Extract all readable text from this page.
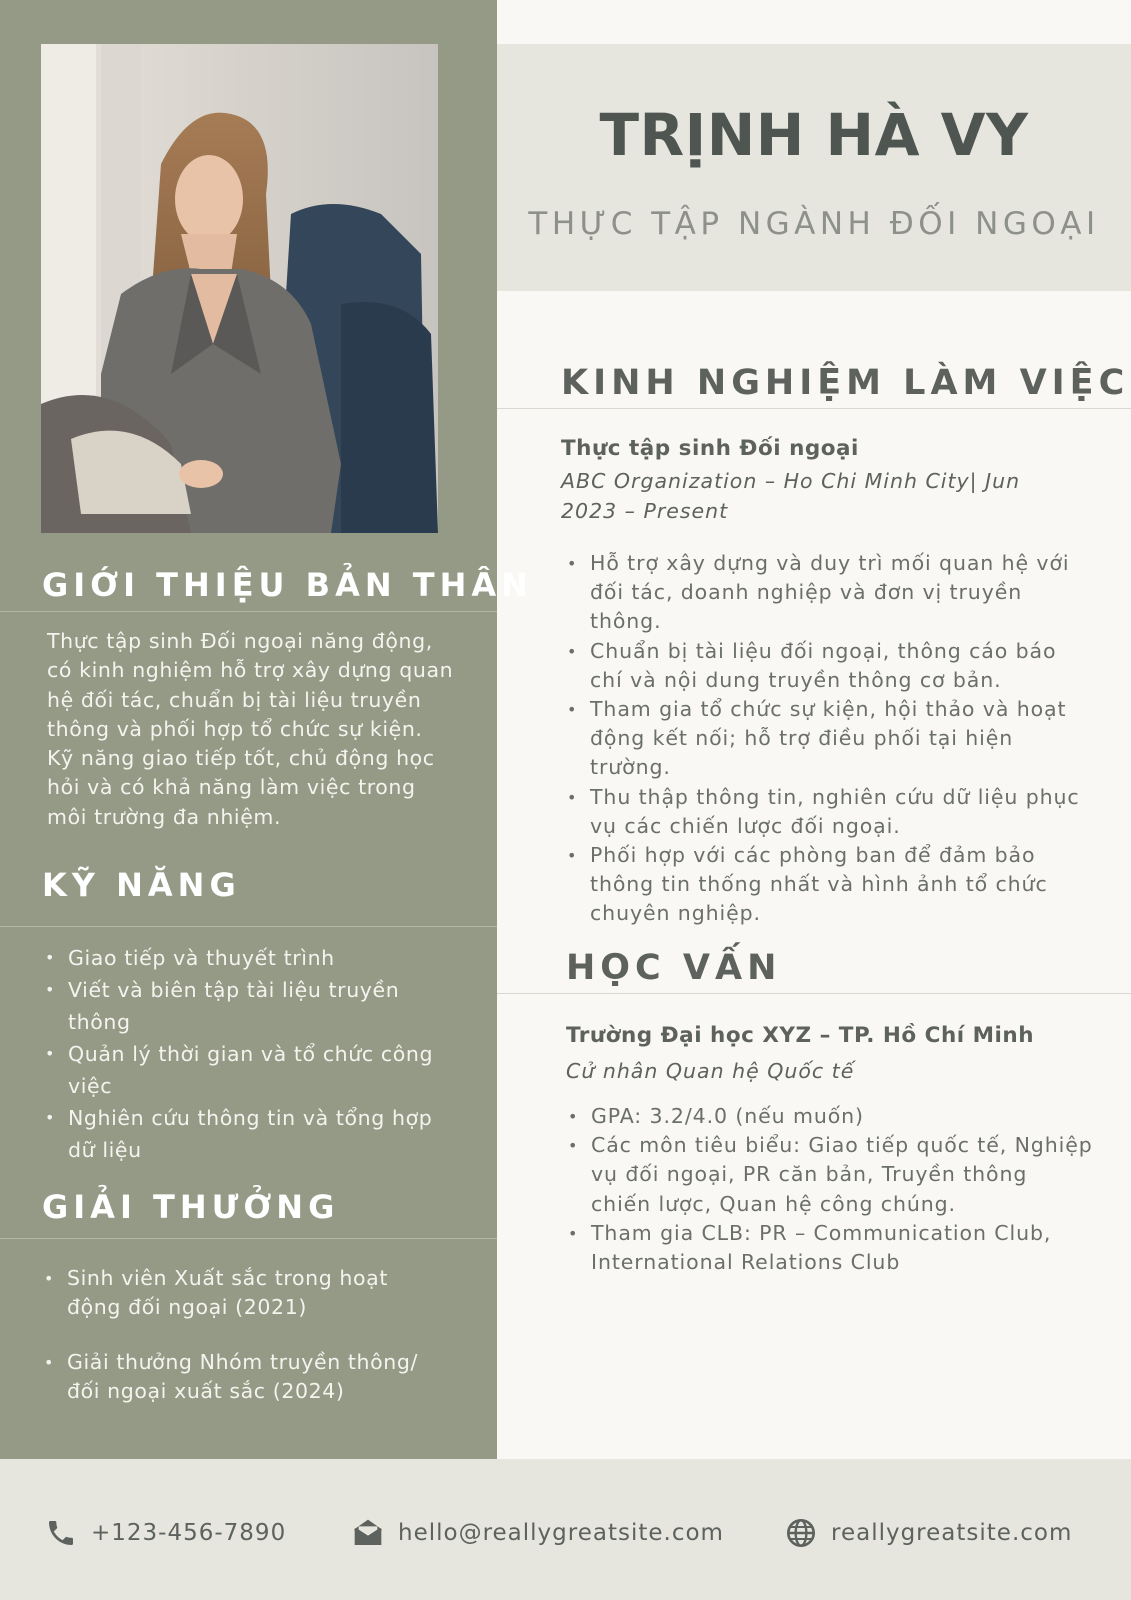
GIỚI THIỆU BẢN THÂN
Thực tập sinh Đối ngoại năng động,
có kinh nghiệm hỗ trợ xây dựng quan
hệ đối tác, chuẩn bị tài liệu truyền
thông và phối hợp tổ chức sự kiện.
Kỹ năng giao tiếp tốt, chủ động học
hỏi và có khả năng làm việc trong
môi trường đa nhiệm.
KỸ NĂNG
• Giao tiếp và thuyết trình
• Viết và biên tập tài liệu truyền
thông
• Quản lý thời gian và tổ chức công
việc
• Nghiên cứu thông tin và tổng hợp
dữ liệu
GIẢI THƯỞNG
• Sinh viên Xuất sắc trong hoạt
động đối ngoại (2021)
• Giải thưởng Nhóm truyền thông/
đối ngoại xuất sắc (2024)
TRỊNH HÀ VY
THỰC TẬP NGÀNH ĐỐI NGOẠI
KINH NGHIỆM LÀM VIỆC
Thực tập sinh Đối ngoại
ABC Organization – Ho Chi Minh City| Jun
2023 – Present
• Hỗ trợ xây dựng và duy trì mối quan hệ với
đối tác, doanh nghiệp và đơn vị truyền
thông.
• Chuẩn bị tài liệu đối ngoại, thông cáo báo
chí và nội dung truyền thông cơ bản.
• Tham gia tổ chức sự kiện, hội thảo và hoạt
động kết nối; hỗ trợ điều phối tại hiện
trường.
• Thu thập thông tin, nghiên cứu dữ liệu phục
vụ các chiến lược đối ngoại.
• Phối hợp với các phòng ban để đảm bảo
thông tin thống nhất và hình ảnh tổ chức
chuyên nghiệp.
HỌC VẤN
Trường Đại học XYZ – TP. Hồ Chí Minh
Cử nhân Quan hệ Quốc tế
• GPA: 3.2/4.0 (nếu muốn)
• Các môn tiêu biểu: Giao tiếp quốc tế, Nghiệp
vụ đối ngoại, PR căn bản, Truyền thông
chiến lược, Quan hệ công chúng.
• Tham gia CLB: PR – Communication Club,
International Relations Club
+123-456-7890	hello@reallygreatsite.com	reallygreatsite.com
